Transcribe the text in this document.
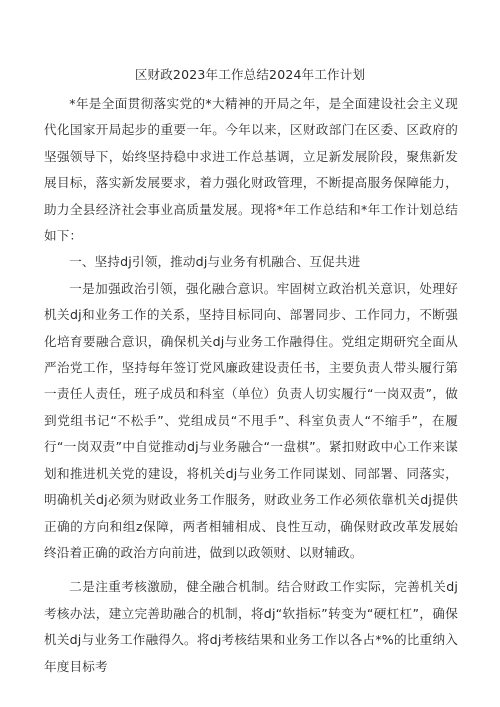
区财政2023年工作总结2024年工作计划

*年是全面贯彻落实党的*大精神的开局之年，是全面建设社会主义现代化国家开局起步的重要一年。今年以来，区财政部门在区委、区政府的坚强领导下，始终坚持稳中求进工作总基调，立足新发展阶段，聚焦新发展目标，落实新发展要求，着力强化财政管理，不断提高服务保障能力，助力全县经济社会事业高质量发展。现将*年工作总结和*年工作计划总结如下：

一、坚持dj引领，推动dj与业务有机融合、互促共进

一是加强政治引领，强化融合意识。牢固树立政治机关意识，处理好机关dj和业务工作的关系，坚持目标同向、部署同步、工作同力，不断强化培育要融合意识，确保机关dj与业务工作融得住。党组定期研究全面从严治党工作，坚持每年签订党风廉政建设责任书，主要负责人带头履行第一责任人责任，班子成员和科室（单位）负责人切实履行“一岗双责”，做到党组书记“不松手”、党组成员“不甩手”、科室负责人“不缩手”，在履行“一岗双责”中自觉推动dj与业务融合“一盘棋”。紧扣财政中心工作来谋划和推进机关党的建设，将机关dj与业务工作同谋划、同部署、同落实，明确机关dj必须为财政业务工作服务，财政业务工作必须依靠机关dj提供正确的方向和组z保障，两者相辅相成、良性互动，确保财政改革发展始终沿着正确的政治方向前进，做到以政领财、以财辅政。

二是注重考核激励，健全融合机制。结合财政工作实际，完善机关dj考核办法，建立完善助融合的机制，将dj“软指标”转变为“硬杠杠”，确保机关dj与业务工作融得久。将dj考核结果和业务工作以各占*%的比重纳入年度目标考
